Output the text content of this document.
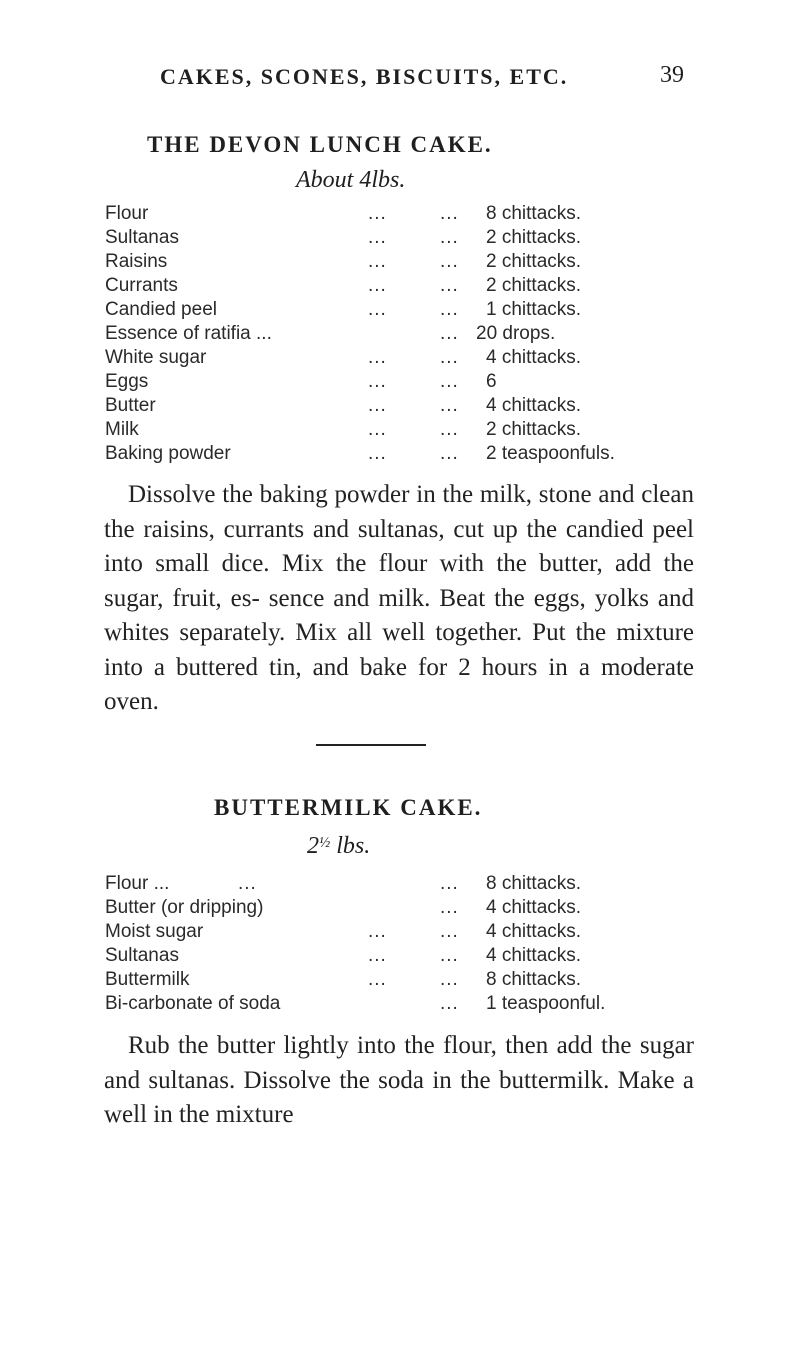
CAKES, SCONES, BISCUITS, ETC.	39
THE DEVON LUNCH CAKE.
About 4lbs.
Flour	...	... 8 chittacks.
Sultanas	...	... 2 chittacks.
Raisins	...	... 2 chittacks.
Currants	...	... 2 chittacks.
Candied peel	...	... 1 chittacks.
Essence of ratifia ...	... 20 drops.
White sugar	...	... 4 chittacks.
Eggs	...	... 6
Butter	...	... 4 chittacks.
Milk	...	... 2 chittacks.
Baking powder	...	... 2 teaspoonfuls.

Dissolve the baking powder in the milk, stone and clean the raisins, currants and sultanas, cut up the candied peel into small dice. Mix the flour with the butter, add the sugar, fruit, es- sence and milk. Beat the eggs, yolks and whites separately. Mix all well together. Put the mixture into a buttered tin, and bake for 2 hours in a moderate oven.

BUTTERMILK CAKE.
$2^{\frac{1}{2}}$ lbs.
Flour ...	...	... 8 chittacks.
Butter (or dripping)	... 4 chittacks.
Moist sugar	...	... 4 chittacks.
Sultanas	...	... 4 chittacks.
Buttermilk	...	... 8 chittacks.
Bi-carbonate of soda	... 1 teaspoonful.

Rub the butter lightly into the flour, then add the sugar and sultanas. Dissolve the soda in the buttermilk. Make a well in the mixture
